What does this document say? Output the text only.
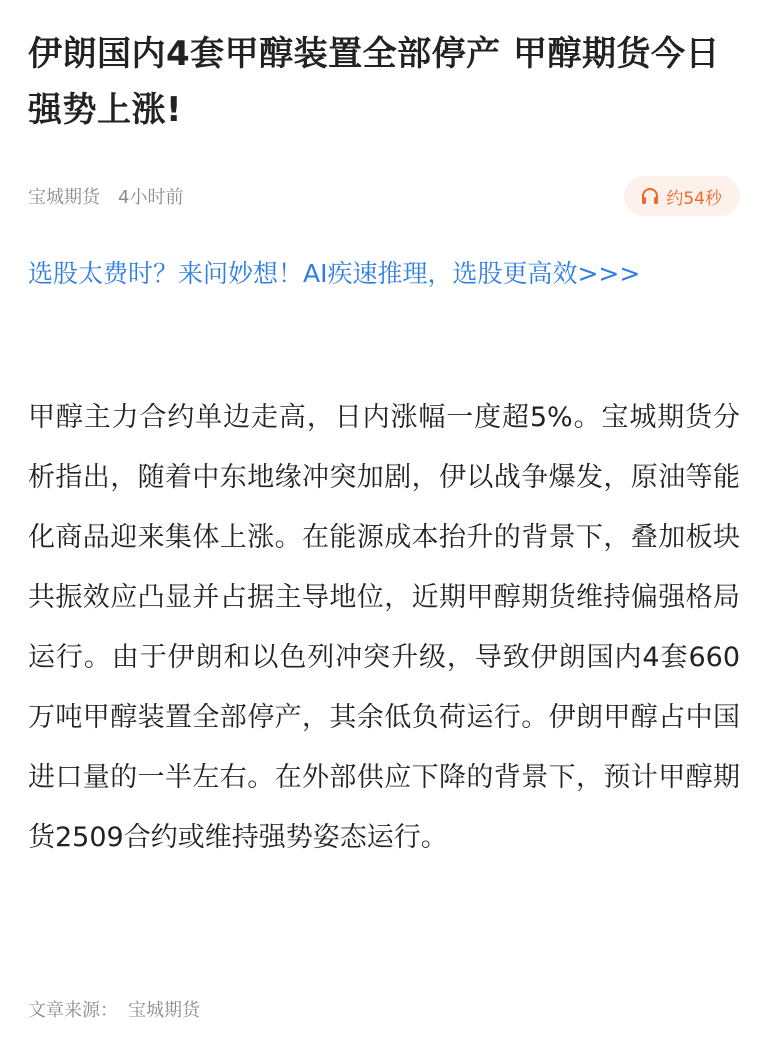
伊朗国内4套甲醇装置全部停产 甲醇期货今日强势上涨!
宝城期货 4小时前	约54秒
选股太费时？来问妙想！AI疾速推理，选股更高效>>>

甲醇主力合约单边走高，日内涨幅一度超5%。宝城期货分析指出，随着中东地缘冲突加剧，伊以战争爆发，原油等能化商品迎来集体上涨。在能源成本抬升的背景下，叠加板块共振效应凸显并占据主导地位，近期甲醇期货维持偏强格局运行。由于伊朗和以色列冲突升级，导致伊朗国内4套660万吨甲醇装置全部停产，其余低负荷运行。伊朗甲醇占中国进口量的一半左右。在外部供应下降的背景下，预计甲醇期货2509合约或维持强势姿态运行。

文章来源： 宝城期货
